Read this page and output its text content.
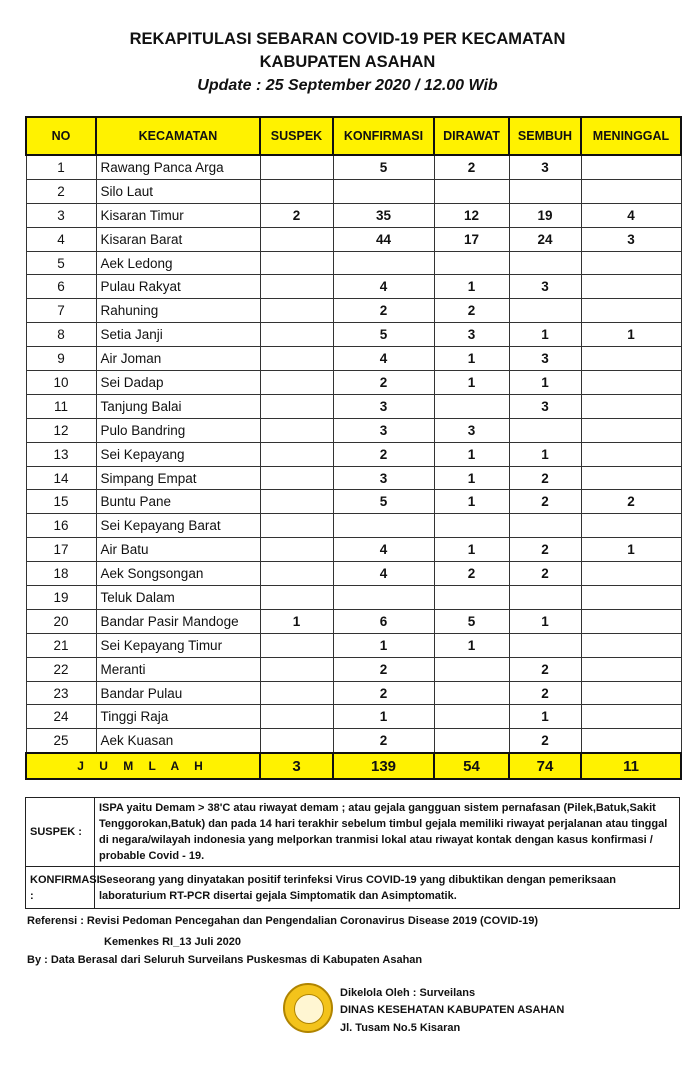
REKAPITULASI SEBARAN COVID-19 PER KECAMATAN
KABUPATEN ASAHAN
Update : 25 September 2020 / 12.00 Wib
NO	KECAMATAN	SUSPEK	KONFIRMASI	DIRAWAT	SEMBUH	MENINGGAL
1	Rawang Panca Arga		5	2	3	
2	Silo Laut					
3	Kisaran Timur	2	35	12	19	4
4	Kisaran Barat		44	17	24	3
5	Aek Ledong					
6	Pulau Rakyat		4	1	3	
7	Rahuning		2	2		
8	Setia Janji		5	3	1	1
9	Air Joman		4	1	3	
10	Sei Dadap		2	1	1	
11	Tanjung Balai		3		3	
12	Pulo Bandring		3	3		
13	Sei Kepayang		2	1	1	
14	Simpang Empat		3	1	2	
15	Buntu Pane		5	1	2	2
16	Sei Kepayang Barat					
17	Air Batu		4	1	2	1
18	Aek Songsongan		4	2	2	
19	Teluk Dalam					
20	Bandar Pasir Mandoge	1	6	5	1	
21	Sei Kepayang Timur		1	1		
22	Meranti		2		2	
23	Bandar Pulau		2		2	
24	Tinggi Raja		1		1	
25	Aek Kuasan		2		2	
J U M L A H		3	139	54	74	11
SUSPEK :	ISPA yaitu Demam > 38'C atau riwayat demam ; atau gejala gangguan sistem pernafasan (Pilek,Batuk,Sakit Tenggorokan,Batuk) dan pada 14 hari terakhir sebelum timbul gejala memiliki riwayat perjalanan atau tinggal di negara/wilayah indonesia yang melporkan tranmisi lokal atau riwayat kontak dengan kasus konfirmasi / probable Covid - 19.
KONFIRMASI :	Seseorang yang dinyatakan positif terinfeksi Virus COVID-19 yang dibuktikan dengan pemeriksaan laboraturium RT-PCR disertai gejala Simptomatik dan Asimptomatik.
Referensi : Revisi Pedoman Pencegahan dan Pengendalian Coronavirus Disease 2019 (COVID-19)
Kemenkes RI_13 Juli 2020
By : Data Berasal dari Seluruh Surveilans Puskesmas di Kabupaten Asahan
Dikelola Oleh : Surveilans
DINAS KESEHATAN KABUPATEN ASAHAN
Jl. Tusam No.5 Kisaran
